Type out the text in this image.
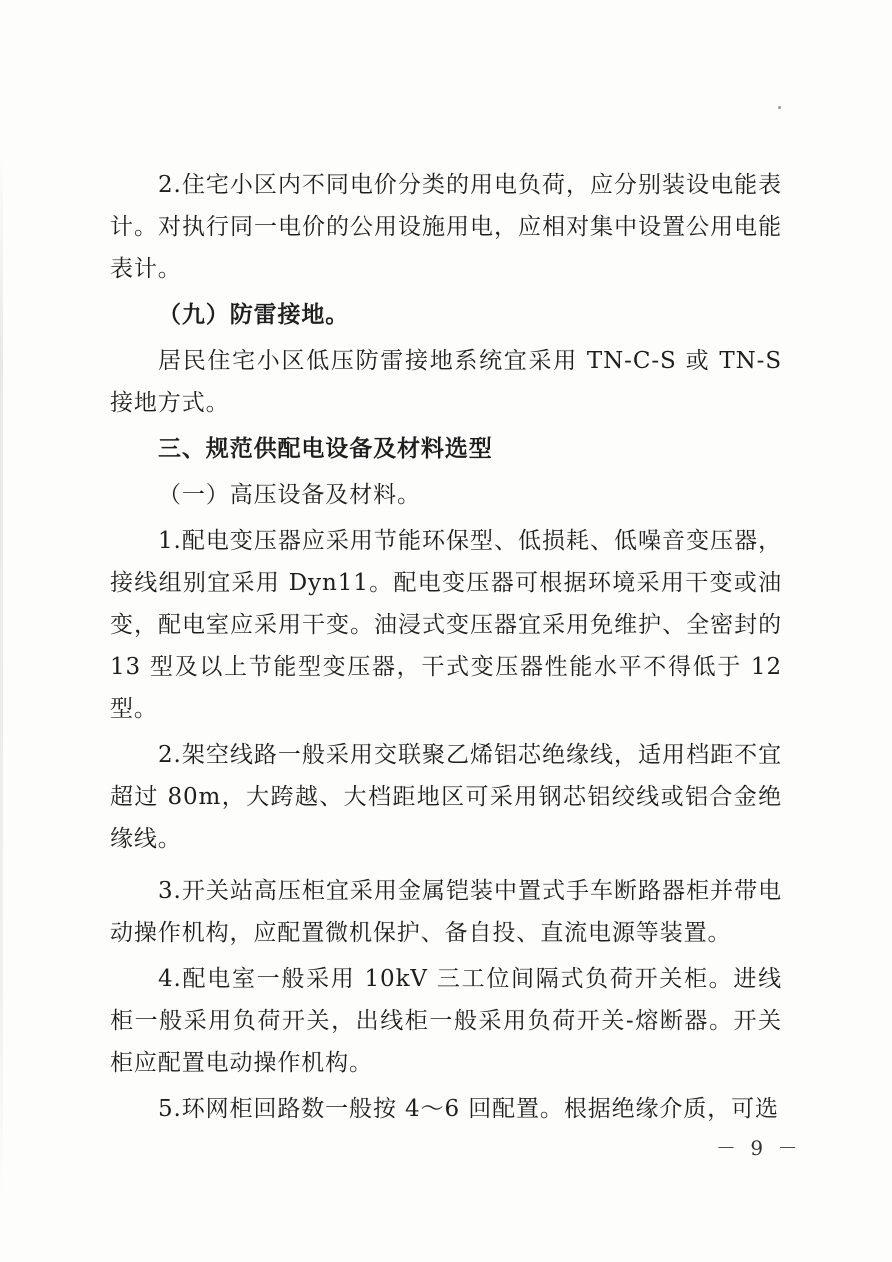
2.住宅小区内不同电价分类的用电负荷，应分别装设电能表计。对执行同一电价的公用设施用电，应相对集中设置公用电能表计。

（九）防雷接地。

居民住宅小区低压防雷接地系统宜采用 TN-C-S 或 TN-S 接地方式。

三、规范供配电设备及材料选型

（一）高压设备及材料。

1.配电变压器应采用节能环保型、低损耗、低噪音变压器，接线组别宜采用 Dyn11。配电变压器可根据环境采用干变或油变，配电室应采用干变。油浸式变压器宜采用免维护、全密封的 13 型及以上节能型变压器，干式变压器性能水平不得低于 12 型。

2.架空线路一般采用交联聚乙烯铝芯绝缘线，适用档距不宜超过 80m，大跨越、大档距地区可采用钢芯铝绞线或铝合金绝缘线。

3.开关站高压柜宜采用金属铠装中置式手车断路器柜并带电动操作机构，应配置微机保护、备自投、直流电源等装置。

4.配电室一般采用 10kV 三工位间隔式负荷开关柜。进线柜一般采用负荷开关，出线柜一般采用负荷开关-熔断器。开关柜应配置电动操作机构。

5.环网柜回路数一般按 4～6 回配置。根据绝缘介质，可选

－ 9 －
